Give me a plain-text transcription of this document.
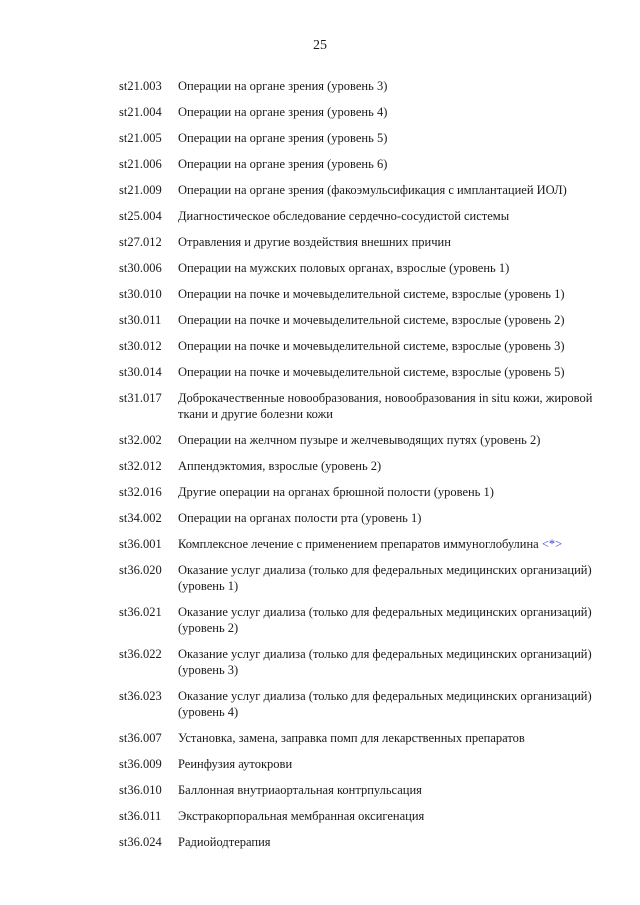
25
st21.003	Операции на органе зрения (уровень 3)
st21.004	Операции на органе зрения (уровень 4)
st21.005	Операции на органе зрения (уровень 5)
st21.006	Операции на органе зрения (уровень 6)
st21.009	Операции на органе зрения (факоэмульсификация с имплантацией ИОЛ)
st25.004	Диагностическое обследование сердечно-сосудистой системы
st27.012	Отравления и другие воздействия внешних причин
st30.006	Операции на мужских половых органах, взрослые (уровень 1)
st30.010	Операции на почке и мочевыделительной системе, взрослые (уровень 1)
st30.011	Операции на почке и мочевыделительной системе, взрослые (уровень 2)
st30.012	Операции на почке и мочевыделительной системе, взрослые (уровень 3)
st30.014	Операции на почке и мочевыделительной системе, взрослые (уровень 5)
st31.017	Доброкачественные новообразования, новообразования in situ кожи, жировой ткани и другие болезни кожи
st32.002	Операции на желчном пузыре и желчевыводящих путях (уровень 2)
st32.012	Аппендэктомия, взрослые (уровень 2)
st32.016	Другие операции на органах брюшной полости (уровень 1)
st34.002	Операции на органах полости рта (уровень 1)
st36.001	Комплексное лечение с применением препаратов иммуноглобулина <*>
st36.020	Оказание услуг диализа (только для федеральных медицинских организаций) (уровень 1)
st36.021	Оказание услуг диализа (только для федеральных медицинских организаций) (уровень 2)
st36.022	Оказание услуг диализа (только для федеральных медицинских организаций) (уровень 3)
st36.023	Оказание услуг диализа (только для федеральных медицинских организаций) (уровень 4)
st36.007	Установка, замена, заправка помп для лекарственных препаратов
st36.009	Реинфузия аутокрови
st36.010	Баллонная внутриаортальная контрпульсация
st36.011	Экстракорпоральная мембранная оксигенация
st36.024	Радиойодтерапия
